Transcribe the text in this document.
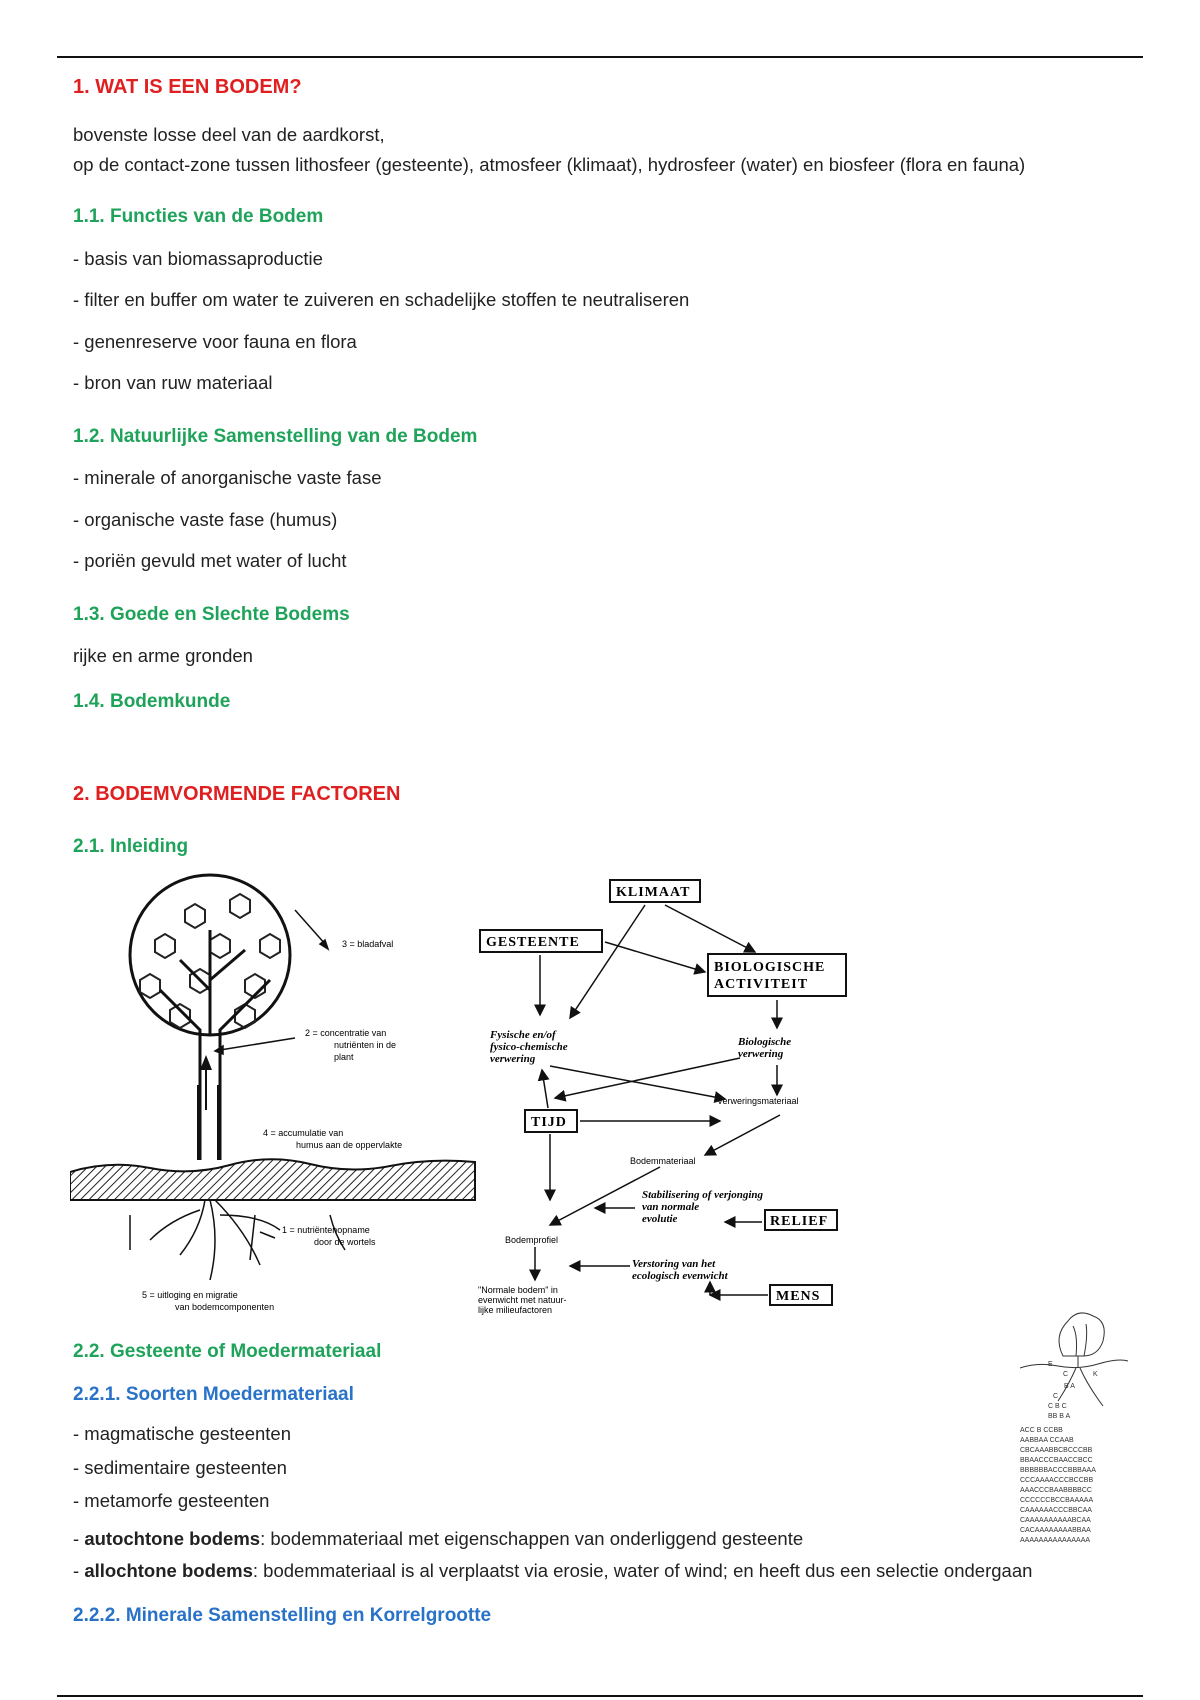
1. WAT IS EEN BODEM?

bovenste losse deel van de aardkorst,

op de contact-zone tussen lithosfeer (gesteente), atmosfeer (klimaat), hydrosfeer (water) en biosfeer (flora en fauna)

1.1. Functies van de Bodem

- basis van biomassaproductie

- filter en buffer om water te zuiveren en schadelijke stoffen te neutraliseren

- genenreserve voor fauna en flora

- bron van ruw materiaal

1.2. Natuurlijke Samenstelling van de Bodem

- minerale of anorganische vaste fase

- organische vaste fase (humus)

- poriën gevuld met water of lucht

1.3. Goede en Slechte Bodems

rijke en arme gronden

1.4. Bodemkunde
2. BODEMVORMENDE FACTOREN
2.1. Inleiding
3 = bladafval
2 = concentratie van
nutriënten in de
plant
4 = accumulatie van
humus aan de oppervlakte
1 = nutriëntenopname
door de wortels
5 = uitloging en migratie
van bodemcomponenten
KLIMAAT
GESTEENTE
BIOLOGISCHE
ACTIVITEIT
TIJD
RELIEF
MENS
Fysische en/of
fysico-chemische
verwering
Biologische
verwering
Verweringsmateriaal
Bodemmateriaal
Stabilisering of verjonging
van normale
evolutie
Bodemprofiel
Verstoring van het
ecologisch evenwicht
"Normale bodem" in
evenwicht met natuur-
lijke milieufactoren
2.2. Gesteente of Moedermateriaal
2.2.1. Soorten Moedermateriaal

- magmatische gesteenten

- sedimentaire gesteenten

- metamorfe gesteenten

- autochtone bodems: bodemmateriaal met eigenschappen van onderliggend gesteente

- allochtone bodems: bodemmateriaal is al verplaatst via erosie, water of wind; en heeft dus een selectie ondergaan

2.2.2. Minerale Samenstelling en Korrelgrootte
E
K
C
B A
C
C B C
BB B A
ACC B CCBB
AABBAA CCAAB
CBCAAABBCBCCCBB
BBAACCCBAACCBCC
BBBBBBACCCBBBAAA
CCCAAAACCCBCCBB
AAACCCBAABBBBCC
CCCCCCBCCBAAAAA
CAAAAAACCCBBCAA
CAAAAAAAAAABCAA
CACAAAAAAAABBAA
AAAAAAAAAAAAAAA
